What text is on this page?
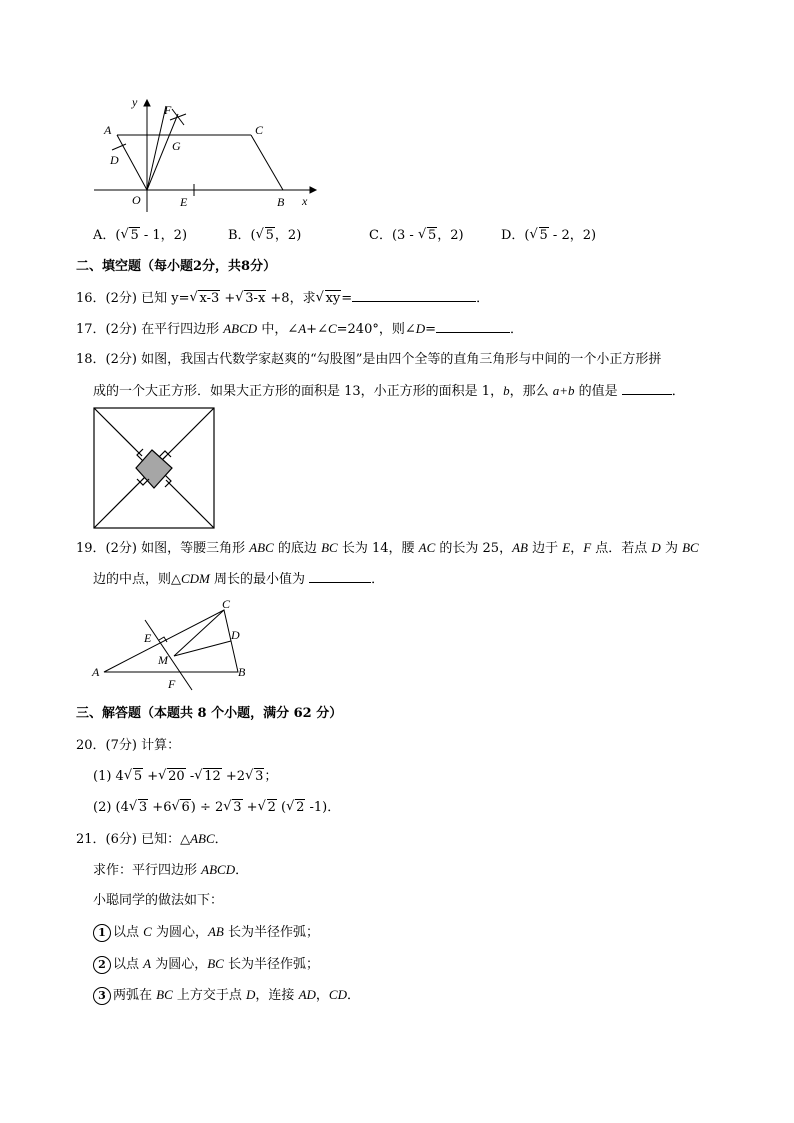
y
x
A	C
F
G
D
O	E	B
A．( √ 5 - 1，2)	B．( √ 5，2)	C．(3 - √ 5，2)	D．( √ 5 - 2，2)
二、填空题（每小题2分，共8分）
16．(2分) 已知 y= √ x-3 + √ 3-x +8，求 √ xy=	．
17．(2分) 在平行四边形 ABCD 中，∠A+∠C=240°，则∠D=	．
18．(2分) 如图，我国古代数学家赵爽的“勾股图”是由四个全等的直角三角形与中间的一个小正方形拼
成的一个大正方形．如果大正方形的面积是 13，小正方形的面积是 1，b，那么 a+b 的值是	．
19．(2分) 如图，等腰三角形 ABC 的底边 BC 长为 14，腰 AC 的长为 25，AB 边于 E，F 点．若点 D 为 BC
边的中点，则△CDM 周长的最小值为	．
C
E	D
M
A	B
F
三、解答题（本题共 8 个小题，满分 62 分）
20．(7分) 计算：
(1) 4 √ 5 + √ 20 - √ 12 +2 √ 3；
(2) (4 √ 3 +6 √ 6) ÷ 2 √ 3 + √ 2 ( √ 2 -1)．
21．(6分) 已知：△ABC．
求作：平行四边形 ABCD．
小聪同学的做法如下：
1 以点 C 为圆心，AB 长为半径作弧；
2 以点 A 为圆心，BC 长为半径作弧；
3 两弧在 BC 上方交于点 D，连接 AD，CD．
